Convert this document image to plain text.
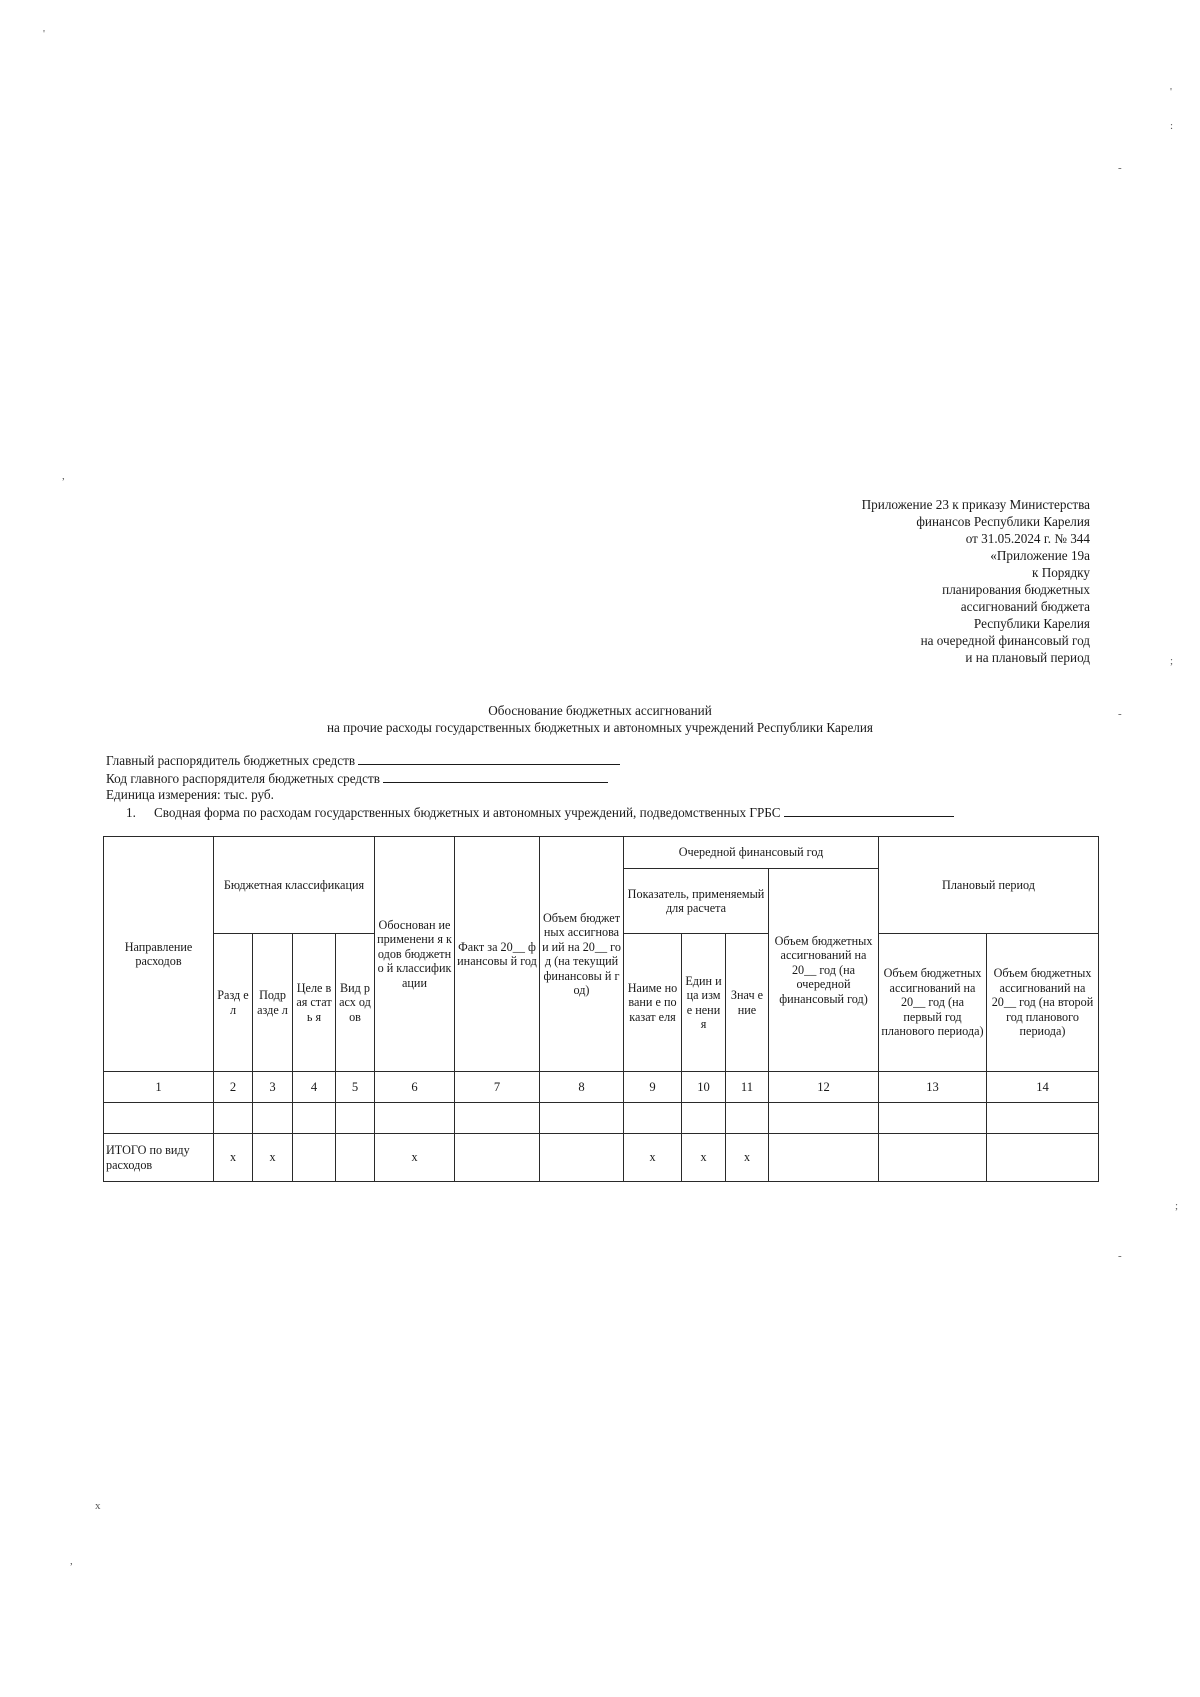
'
'
:
-
,
;
-
;
-
x
,
Приложение 23 к приказу Министерства
финансов Республики Карелия
от 31.05.2024 г. № 344
«Приложение 19а
к Порядку
планирования бюджетных
ассигнований бюджета
Республики Карелия
на очередной финансовый год
и на плановый период
Обоснование бюджетных ассигнований
на прочие расходы государственных бюджетных и автономных учреждений Республики Карелия
Главный распорядитель бюджетных средств
Код главного распорядителя бюджетных средств
Единица измерения: тыс. руб.
1. Сводная форма по расходам государственных бюджетных и автономных учреждений, подведомственных ГРБС
Направление расходов	Бюджетная классификация				Обоснован ие применени я кодов бюджетно й классифик ации	Факт за 20__ финансовы й год	Объем бюджетных ассигноваи ий на 20__ год (на текущий финансовы й год)	Очередной финансовый год				Плановый период	
								Показатель, применяемый для расчета			Объем бюджетных ассигнований на 20__ год (на очередной финансовый год)		
	Разд ел	Подр азде л	Целе вая стать я	Вид расх одов				Наиме новани е показат еля	Един ица изме нения	Знач ение		Объем бюджетных ассигнований на 20__ год (на первый год планового периода)	Объем бюджетных ассигнований на 20__ год (на второй год планового периода)
1	2	3	4	5	6	7	8	9	10	11	12	13	14

ИТОГО по виду расходов	x	x			x			x	x	x			
